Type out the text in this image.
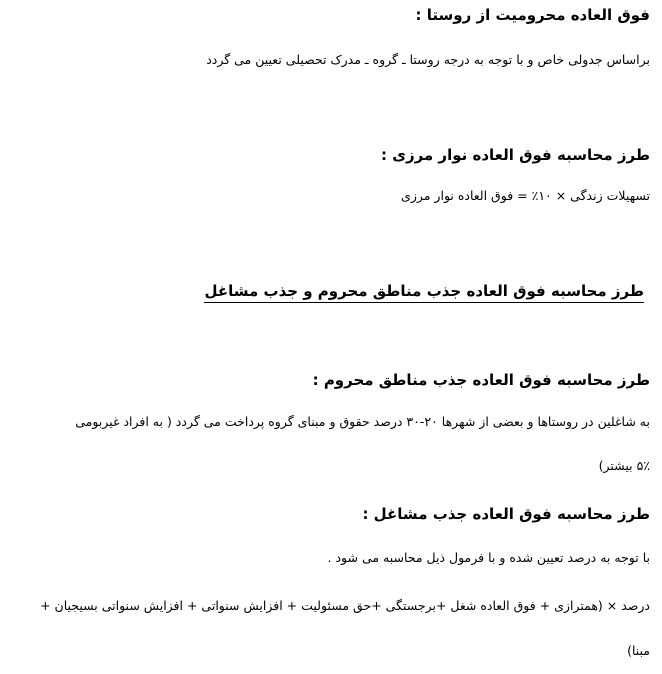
فوق العاده محرومیت از روستا :
براساس جدولی خاص و با توجه به درجه روستا ـ گروه ـ مدرک تحصیلی تعیین می گردد
طرز محاسبه فوق العاده نوار مرزی :
تسهیلات زندگی × ۱۰٪ = فوق العاده نوار مرزی
طرز محاسبه فوق العاده جذب مناطق محروم و جذب مشاغل
طرز محاسبه فوق العاده جذب مناطق محروم :
به شاغلین در روستاها و بعضی از شهرها ۲۰-۳۰ درصد حقوق و مبنای گروه پرداخت می گردد ( به افراد غیربومی
۵٪ بیشتر)
طرز محاسبه فوق العاده جذب مشاغل :
با توجه به درصد تعیین شده و با فرمول ذیل محاسبه می شود .
درصد × (همترازی + فوق العاده شغل +برجستگی +حق مسئولیت + افزایش سنواتی + افزایش سنواتی بسیجیان +
مبنا)
